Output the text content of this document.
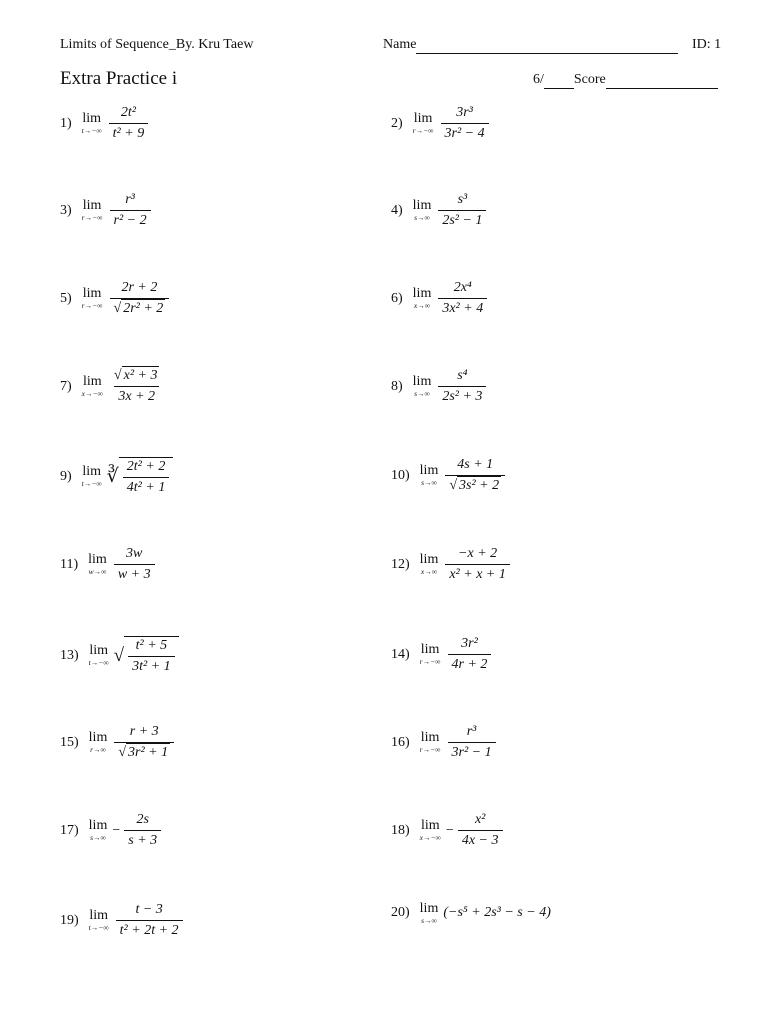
Limits of Sequence_By. Kru Taew	Name	ID: 1
Extra Practice i	6/ Score
1) lim
$t\to-\infty \frac{\text{2t²}}{\text{t² + 9}}$	2) lim
$r\to-\infty \frac{\text{3r³}}{\text{3r² − 4}}$
3) lim
$r\to-\infty \frac{\text{r³}}{\text{r² − 2}}$	4) lim
$s\to\infty \frac{\text{s³}}{\text{2s² − 1}}$
5) lim
$r\to-\infty \frac{2r + 2}{\text{√ 2r² + 2}}$	6) lim
$x\to\infty \frac{\text{2x⁴}}{\text{3x² + 4}}$
7) lim
$x\to-\infty \frac{\text{√ x² + 3}}{3x + 2}$	8) lim
$s\to\infty \frac{\text{s⁴}}{\text{2s² + 3}}$
9) lim
t→−∞ ∛ $\frac{\text{2t² + 2}}{\text{4t² + 1}}$	10) lim
$s\to\infty \frac{4s + 1}{\text{√ 3s² + 2}}$
11) lim
$w\to\infty \frac{3w}{w + 3}$	12) lim
$x\to\infty \frac{-x + 2}{\text{x² + x + 1}}$
13) lim
t→−∞ √ $\frac{\text{t² + 5}}{\text{3t² + 1}}$	14) lim
$r\to-\infty \frac{\text{3r²}}{4r + 2}$
15) lim
$r\to\infty \frac{r + 3}{\text{√ 3r² + 1}}$	16) lim
$r\to-\infty \frac{\text{r³}}{\text{3r² − 1}}$
17) lim
s→∞
− $\frac{2s}{s + 3}$	18) lim
x→−∞
− $\frac{\text{x²}}{4x - 3}$
19) lim
$t\to-\infty \frac{t - 3}{\text{t² + 2t + 2}}$	20) lim
s→∞
(−s⁵ + 2s³ − s − 4)
